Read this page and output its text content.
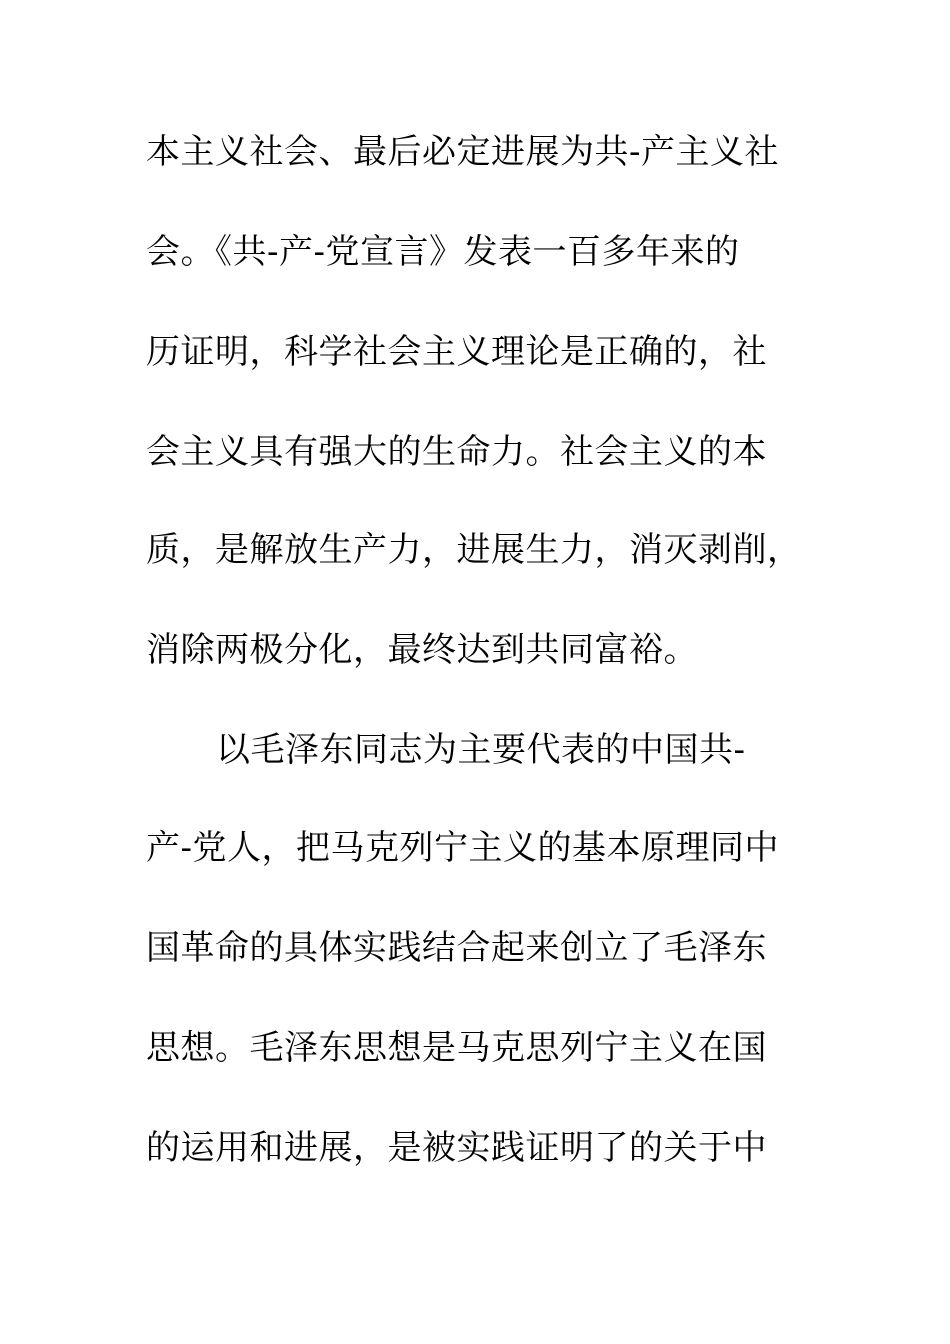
本主义社会、最后必定进展为共-产主义社
会。《共-产-党宣言》发表一百多年来的
历证明，科学社会主义理论是正确的，社
会主义具有强大的生命力。社会主义的本
质，是解放生产力，进展生力，消灭剥削，
消除两极分化，最终达到共同富裕。
以毛泽东同志为主要代表的中国共-
产-党人，把马克列宁主义的基本原理同中
国革命的具体实践结合起来创立了毛泽东
思想。毛泽东思想是马克思列宁主义在国
的运用和进展，是被实践证明了的关于中
